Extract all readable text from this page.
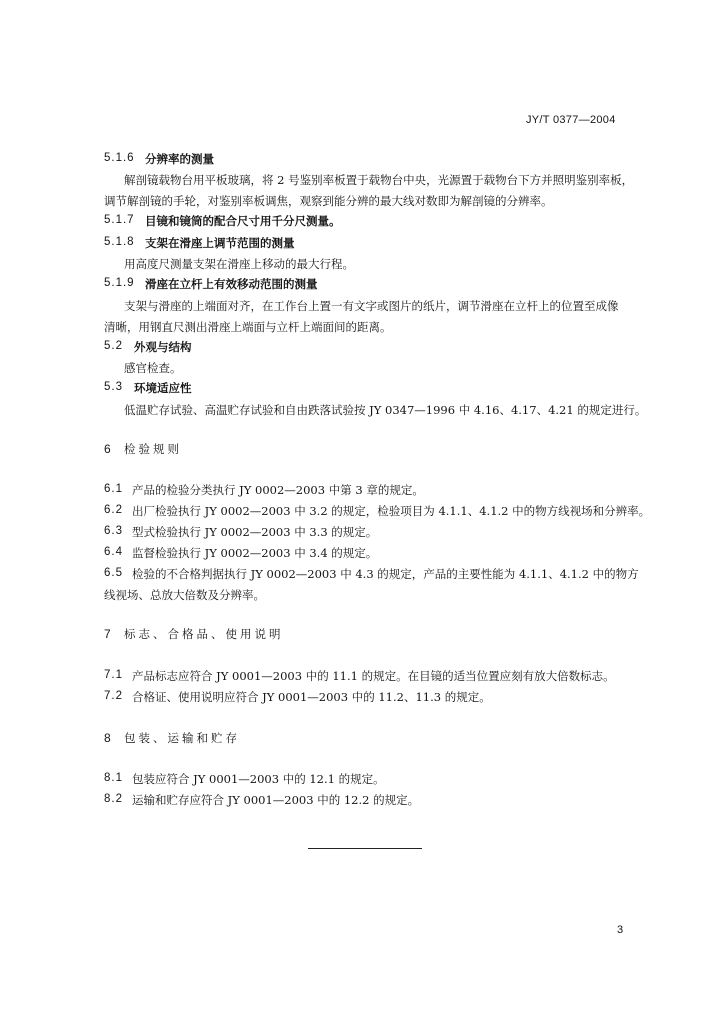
JY/T 0377—2004
5.1.6 分辨率的测量
解剖镜载物台用平板玻璃，将 2 号鉴别率板置于载物台中央，光源置于载物台下方并照明鉴别率板，
调节解剖镜的手轮，对鉴别率板调焦，观察到能分辨的最大线对数即为解剖镜的分辨率。
5.1.7 目镜和镜筒的配合尺寸用千分尺测量。
5.1.8 支架在滑座上调节范围的测量
用高度尺测量支架在滑座上移动的最大行程。
5.1.9 滑座在立杆上有效移动范围的测量
支架与滑座的上端面对齐，在工作台上置一有文字或图片的纸片，调节滑座在立杆上的位置至成像
清晰，用钢直尺测出滑座上端面与立杆上端面间的距离。
5.2 外观与结构
感官检查。
5.3 环境适应性
低温贮存试验、高温贮存试验和自由跌落试验按 JY 0347—1996 中 4.16、4.17、4.21 的规定进行。
6 检验规则
6.1 产品的检验分类执行 JY 0002—2003 中第 3 章的规定。
6.2 出厂检验执行 JY 0002—2003 中 3.2 的规定，检验项目为 4.1.1、4.1.2 中的物方线视场和分辨率。
6.3 型式检验执行 JY 0002—2003 中 3.3 的规定。
6.4 监督检验执行 JY 0002—2003 中 3.4 的规定。
6.5 检验的不合格判据执行 JY 0002—2003 中 4.3 的规定，产品的主要性能为 4.1.1、4.1.2 中的物方
线视场、总放大倍数及分辨率。
7 标志、合格品、使用说明
7.1 产品标志应符合 JY 0001—2003 中的 11.1 的规定。在目镜的适当位置应刻有放大倍数标志。
7.2 合格证、使用说明应符合 JY 0001—2003 中的 11.2、11.3 的规定。
8 包装、运输和贮存
8.1 包装应符合 JY 0001—2003 中的 12.1 的规定。
8.2 运输和贮存应符合 JY 0001—2003 中的 12.2 的规定。
3
